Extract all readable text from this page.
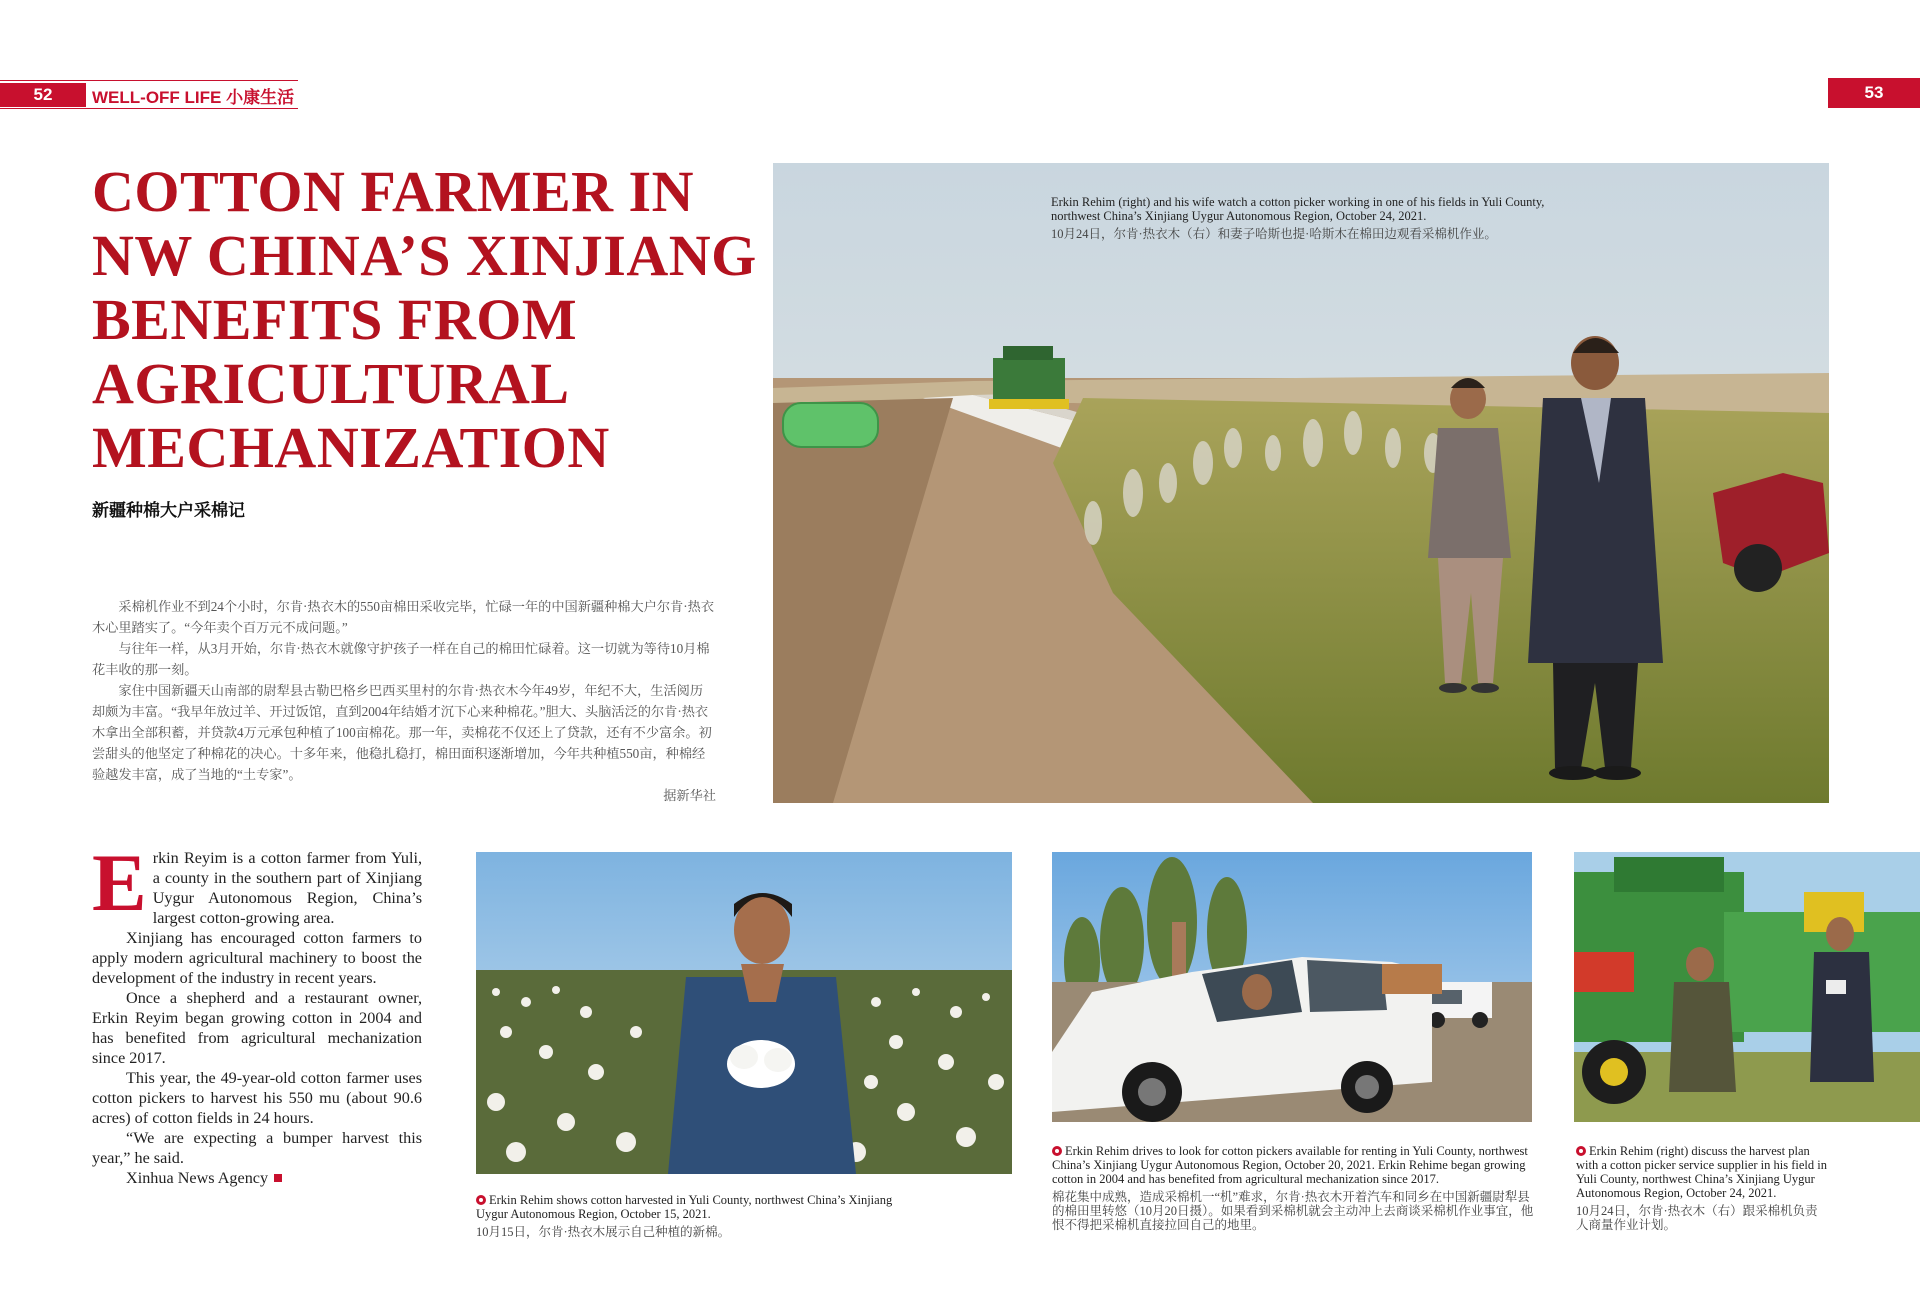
52	WELL-OFF LIFE 小康生活	53
COTTON FARMER IN
NW CHINA’S XINJIANG
BENEFITS FROM
AGRICULTURAL
MECHANIZATION
新疆种棉大户采棉记

采棉机作业不到24个小时，尔肯·热衣木的550亩棉田采收完毕，忙碌一年的中国新疆种棉大户尔肯·热衣木心里踏实了。“今年卖个百万元不成问题。”

与往年一样，从3月开始，尔肯·热衣木就像守护孩子一样在自己的棉田忙碌着。这一切就为等待10月棉花丰收的那一刻。

家住中国新疆天山南部的尉犁县古勒巴格乡巴西买里村的尔肯·热衣木今年49岁，年纪不大，生活阅历却颇为丰富。“我早年放过羊、开过饭馆，直到2004年结婚才沉下心来种棉花。”胆大、头脑活泛的尔肯·热衣木拿出全部积蓄，并贷款4万元承包种植了100亩棉花。那一年，卖棉花不仅还上了贷款，还有不少富余。初尝甜头的他坚定了种棉花的决心。十多年来，他稳扎稳打，棉田面积逐渐增加，今年共种植550亩，种棉经验越发丰富，成了当地的“土专家”。

据新华社

Erkin Reyim is a cotton farmer from Yuli, a county in the southern part of Xinjiang Uygur Autonomous Region, China’s largest cotton-growing area.

Xinjiang has encouraged cotton farmers to apply modern agricultural machinery to boost the development of the industry in recent years.

Once a shepherd and a restaurant owner, Erkin Reyim began growing cotton in 2004 and has benefited from agricultural mechanization since 2017.

This year, the 49-year-old cotton farmer uses cotton pickers to harvest his 550 mu (about 90.6 acres) of cotton fields in 24 hours.

“We are expecting a bumper harvest this year,” he said.

Xinhua News Agency

Erkin Rehim (right) and his wife watch a cotton picker working in one of his fields in Yuli County, northwest China’s Xinjiang Uygur Autonomous Region, October 24, 2021.
10月24日，尔肯·热衣木（右）和妻子哈斯也提·哈斯木在棉田边观看采棉机作业。
Erkin Rehim shows cotton harvested in Yuli County, northwest China’s Xinjiang Uygur Autonomous Region, October 15, 2021.
10月15日，尔肯·热衣木展示自己种植的新棉。
Erkin Rehim drives to look for cotton pickers available for renting in Yuli County, northwest China’s Xinjiang Uygur Autonomous Region, October 20, 2021. Erkin Rehime began growing cotton in 2004 and has benefited from agricultural mechanization since 2017.
棉花集中成熟，造成采棉机一“机”难求，尔肯·热衣木开着汽车和同乡在中国新疆尉犁县的棉田里转悠（10月20日摄）。如果看到采棉机就会主动冲上去商谈采棉机作业事宜，他恨不得把采棉机直接拉回自己的地里。
Erkin Rehim (right) discuss the harvest plan with a cotton picker service supplier in his field in Yuli County, northwest China’s Xinjiang Uygur Autonomous Region, October 24, 2021.
10月24日，尔肯·热衣木（右）跟采棉机负责人商量作业计划。
